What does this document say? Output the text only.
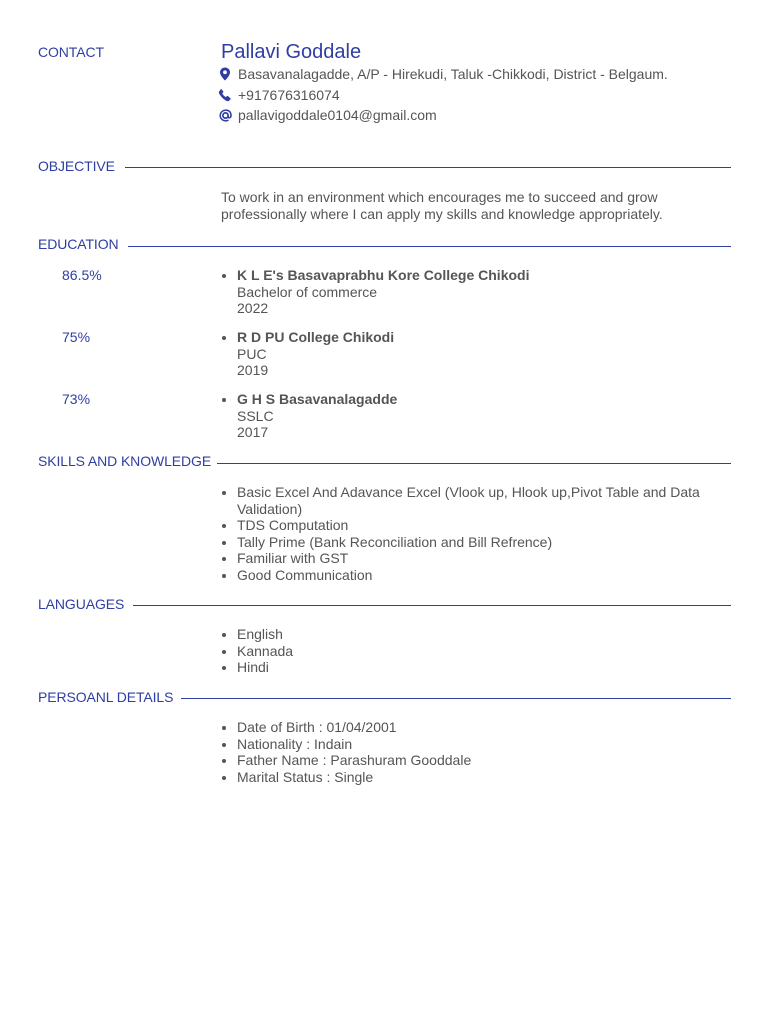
CONTACT	Pallavi Goddale
Basavanalagadde, A/P - Hirekudi, Taluk -Chikkodi, District - Belgaum.
+917676316074
pallavigoddale0104@gmail.com
OBJECTIVE
To work in an environment which encourages me to succeed and grow professionally where I can apply my skills and knowledge appropriately.
EDUCATION
86.5%	K L E's Basavaprabhu Kore College Chikodi
Bachelor of commerce
2022
75%	R D PU College Chikodi
PUC
2019
73%	G H S Basavanalagadde
SSLC
2017
SKILLS AND KNOWLEDGE
Basic Excel And Adavance Excel (Vlook up, Hlook up,Pivot Table and Data Validation)
TDS Computation
Tally Prime (Bank Reconciliation and Bill Refrence)
Familiar with GST
Good Communication
LANGUAGES
English
Kannada
Hindi
PERSOANL DETAILS
Date of Birth : 01/04/2001
Nationality : Indain
Father Name : Parashuram Gooddale
Marital Status : Single
